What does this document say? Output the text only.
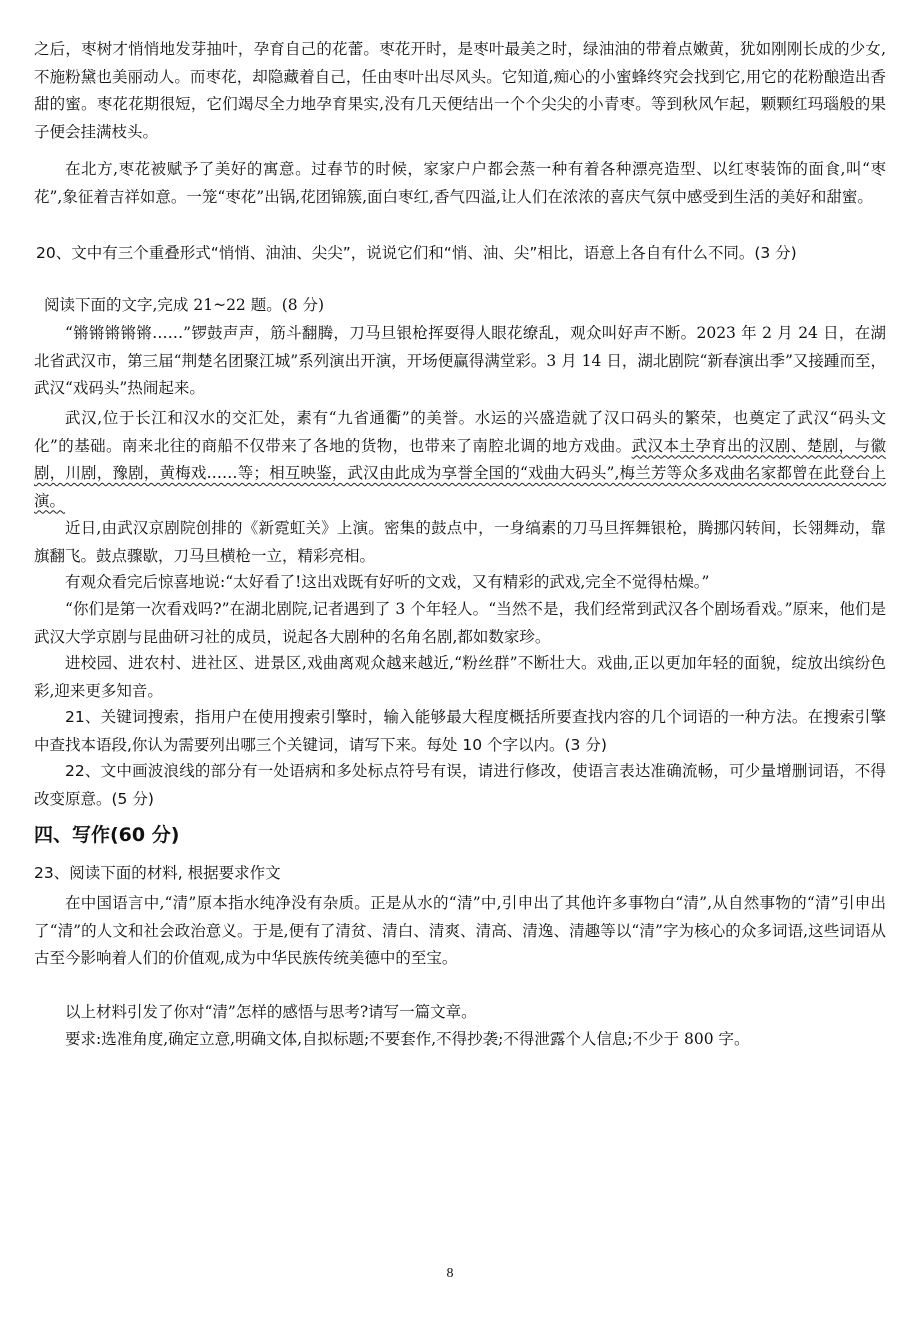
之后，枣树才悄悄地发芽抽叶，孕育自己的花蕾。枣花开时，是枣叶最美之时，绿油油的带着点嫩黄，犹如刚刚长成的少女,不施粉黛也美丽动人。而枣花，却隐藏着自己，任由枣叶出尽风头。它知道,痴心的小蜜蜂终究会找到它,用它的花粉酿造出香甜的蜜。枣花花期很短，它们竭尽全力地孕育果实,没有几天便结出一个个尖尖的小青枣。等到秋风乍起，颗颗红玛瑙般的果子便会挂满枝头。

在北方,枣花被赋予了美好的寓意。过春节的时候，家家户户都会蒸一种有着各种漂亮造型、以红枣装饰的面食,叫“枣花”,象征着吉祥如意。一笼“枣花”出锅,花团锦簇,面白枣红,香气四溢,让人们在浓浓的喜庆气氛中感受到生活的美好和甜蜜。

20、文中有三个重叠形式“悄悄、油油、尖尖”，说说它们和“悄、油、尖”相比，语意上各自有什么不同。(3 分)

阅读下面的文字,完成 21~22 题。(8 分)

“锵锵锵锵锵……”锣鼓声声，筋斗翻腾，刀马旦银枪挥耍得人眼花缭乱，观众叫好声不断。2023 年 2 月 24 日，在湖北省武汉市，第三届“荆楚名团聚江城”系列演出开演，开场便赢得满堂彩。3 月 14 日，湖北剧院“新春演出季”又接踵而至，武汉“戏码头”热闹起来。

武汉,位于长江和汉水的交汇处，素有“九省通衢”的美誉。水运的兴盛造就了汉口码头的繁荣，也奠定了武汉“码头文化”的基础。南来北往的商船不仅带来了各地的货物，也带来了南腔北调的地方戏曲。武汉本土孕育出的汉剧、楚剧，与徽剧，川剧，豫剧，黄梅戏……等；相互映鉴，武汉由此成为享誉全国的“戏曲大码头”,梅兰芳等众多戏曲名家都曾在此登台上演。

近日,由武汉京剧院创排的《新霓虹关》上演。密集的鼓点中，一身缟素的刀马旦挥舞银枪，腾挪闪转间，长翎舞动，靠旗翻飞。鼓点骤歇，刀马旦横枪一立，精彩亮相。

有观众看完后惊喜地说:“太好看了!这出戏既有好听的文戏，又有精彩的武戏,完全不觉得枯燥。”

“你们是第一次看戏吗?”在湖北剧院,记者遇到了 3 个年轻人。“当然不是，我们经常到武汉各个剧场看戏。”原来，他们是武汉大学京剧与昆曲研习社的成员，说起各大剧种的名角名剧,都如数家珍。

进校园、进农村、进社区、进景区,戏曲离观众越来越近,“粉丝群”不断壮大。戏曲,正以更加年轻的面貌，绽放出缤纷色彩,迎来更多知音。

21、关键词搜索，指用户在使用搜索引擎时，输入能够最大程度概括所要查找内容的几个词语的一种方法。在搜索引擎中查找本语段,你认为需要列出哪三个关键词，请写下来。每处 10 个字以内。(3 分)

22、文中画波浪线的部分有一处语病和多处标点符号有误，请进行修改，使语言表达准确流畅，可少量增删词语，不得改变原意。(5 分)

四、写作(60 分)

23、阅读下面的材料, 根据要求作文

在中国语言中,“清”原本指水纯净没有杂质。正是从水的“清”中,引申出了其他许多事物白“清”,从自然事物的“清”引申出了“清”的人文和社会政治意义。于是,便有了清贫、清白、清爽、清高、清逸、清趣等以“清”字为核心的众多词语,这些词语从古至今影响着人们的价值观,成为中华民族传统美德中的至宝。

以上材料引发了你对“清”怎样的感悟与思考?请写一篇文章。

要求:选准角度,确定立意,明确文体,自拟标题;不要套作,不得抄袭;不得泄露个人信息;不少于 800 字。

8
